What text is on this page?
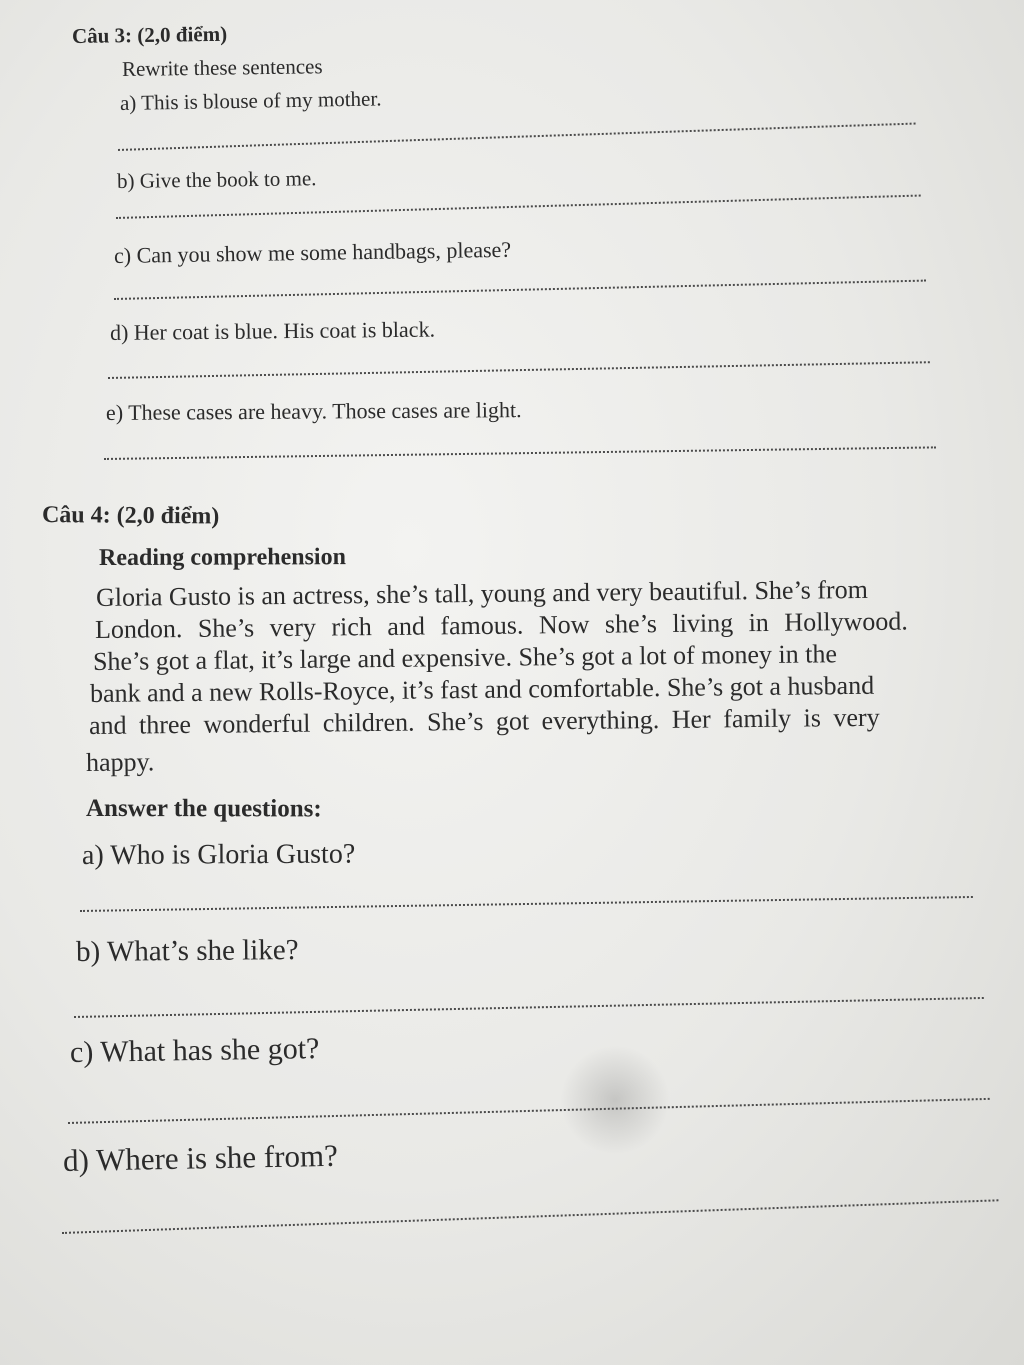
Câu 3: (2,0 điểm)
Rewrite these sentences
a) This is blouse of my mother.
b) Give the book to me.
c) Can you show me some handbags, please?
d) Her coat is blue. His coat is black.
e) These cases are heavy. Those cases are light.
Câu 4: (2,0 điểm)
Reading comprehension
Gloria Gusto is an actress, she’s tall, young and very beautiful. She’s from
London. She’s very rich and famous. Now she’s living in Hollywood.
She’s got a flat, it’s large and expensive. She’s got a lot of money in the
bank and a new Rolls-Royce, it’s fast and comfortable. She’s got a husband
and three wonderful children. She’s got everything. Her family is very
happy.
Answer the questions:
a) Who is Gloria Gusto?
b) What’s she like?
c) What has she got?
d) Where is she from?
